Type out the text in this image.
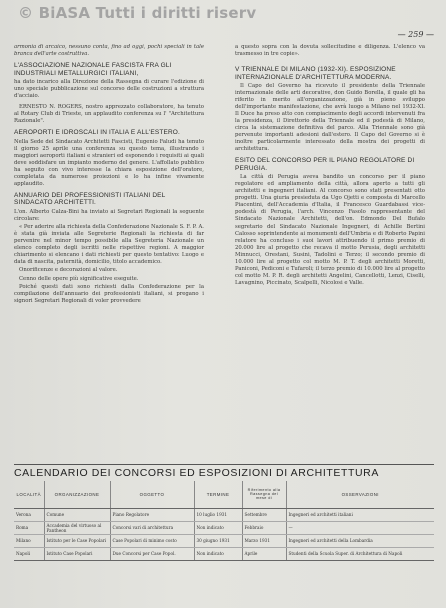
© BiASA Tutti i diritti riserv
— 259 —

armonia di arcaico, nessuno conta, fino ad oggi, pochi speciali in tale branca dell'arte costruttiva.

L'ASSOCIAZIONE NAZIONALE FASCISTA FRA GLI INDUSTRIALI METALLURGICI ITALIANI,

ha dato incarico alla Direzione della Rassegna di curare l'edizione di uno speciale pubblicazione sul concorso delle costruzioni a struttura d'acciaio.

ERNESTO N. ROGERS, nostro apprezzato collaboratore, ha tenuto al Rotary Club di Trieste, un applaudito conferenza su l' "Architettura Razionale".

AEROPORTI E IDROSCALI IN ITALIA E ALL'ESTERO.

Nella Sede del Sindacato Architetti Fascisti, Eugenio Faludi ha tenuto il giorno 25 aprile una conferenza su questo tema, illustrando i maggiori aeroporti italiani e stranieri ed esponendo i requisiti ai quali deve soddisfare un impianto moderno del genere. L'affollato pubblico ha seguito con vivo interesse la chiara esposizione dell'oratore, completata da numerose proiezioni e lo ha infine vivamente applaudito.

ANNUARIO DEI PROFESSIONISTI ITALIANI DEL SINDACATO ARCHITETTI.

L'on. Alberto Calza-Bini ha inviato ai Segretari Regionali la seguente circolare:

« Per aderire alla richiesta della Confederazione Nazionale S. F. P. A. è stata già inviata alle Segreterie Regionali la richiesta di far pervenire nel minor tempo possibile alla Segreteria Nazionale un elenco completo degli iscritti nelle rispettive regioni. A maggior chiarimento si elencano i dati richiesti per questo tentativo: Luogo e data di nascita, paternità, domicilio, titolo accademico.

Onorificenze e decorazioni al valore.

Cenno delle opere più significative eseguite.

Poiché questi dati sono richiesti dalla Confederazione per la compilazione dell'annuario dei professionisti italiani, si pregano i signori Segretari Regionali di voler provvedere

a questo sopra con la dovuta sollecitudine e diligenza. L'elenco va trasmesso in tre copie».

V TRIENNALE DI MILANO (1932-XI). ESPOSIZIONE INTERNAZIONALE D'ARCHITETTURA MODERNA.

Il Capo del Governo ha ricevuto il presidente della Triennale internazionale delle arti decorative, don Guido Borella, il quale gli ha riferito in merito all'organizzazione, già in pieno sviluppo dell'importante manifestazione, che avrà luogo a Milano nel 1932-XI. Il Duce ha preso atto con compiacimento degli accordi intervenuti fra la presidenza, il Direttorio della Triennale ed il podestà di Milano, circa la sistemazione definitiva del parco. Alla Triennale sono già pervenute importanti adesioni dall'estero. Il Capo del Governo si è inoltre particolarmente interessato della mostra dei progetti di architettura.

ESITO DEL CONCORSO PER IL PIANO REGOLATORE DI PERUGIA.

La città di Perugia aveva bandito un concorso per il piano regolatore ed ampliamento della città, allora aperto a tutti gli architetti e ingegneri italiani. Al concorso sono stati presentati otto progetti. Una giuria presieduta da Ugo Ojetti e composta di Marcello Piacentini, dell'Accademia d'Italia, il Francesco Guardabassi vice-podestà di Perugia, l'arch. Vincenzo Fasolo rappresentante del Sindacato Nazionale Architetti, dell'on. Edmondo Del Bufalo segretario del Sindacato Nazionale Ingegneri, di Achille Bertini Calosso soprintendente ai monumenti dell'Umbria e di Roberto Papini relatore ha concluso i suoi lavori attribuendo il primo premio di 20.000 lire al progetto che recava il motto Perusia, degli architetti Minnucci, Orestani, Susini, Tadolini e Terzo; il secondo premio di 10.000 lire al progetto col motto M. P. T. degli architetti Moretti, Paniconi, Pediconi e Tufaroli; il terzo premio di 10.000 lire al progetto col motto M. P. R. degli architetti Angelini, Cancellotti, Lenzi, Ciselli, Lavagnino, Piccinato, Scalpelli, Nicolosi e Valle.

CALENDARIO DEI CONCORSI ED ESPOSIZIONI DI ARCHITETTURA
LOCALITÀ	ORGANIZZAZIONE	OGGETTO	TERMINE	Riferimento alla Rassegna del mese di	OSSERVAZIONI
Verona	Comune	Piano Regolatore	10 luglio 1931	Settembre	Ingegneri ed architetti italiani
Roma	Accademia del virtuoso al Pantheon	Concorsi vari di architettura	Non indicato	Febbraio	—
Milano	Istituto per le Case Popolari	Case Popolari di minimo costo	30 giugno 1931	Marzo 1931	Ingegneri ed architetti della Lombardia
Napoli	Istituto Case Popolari	Due Concorsi per Case Popol.	Non indicato	Aprile	Studenti della Scuola Super. di Architettura di Napoli
